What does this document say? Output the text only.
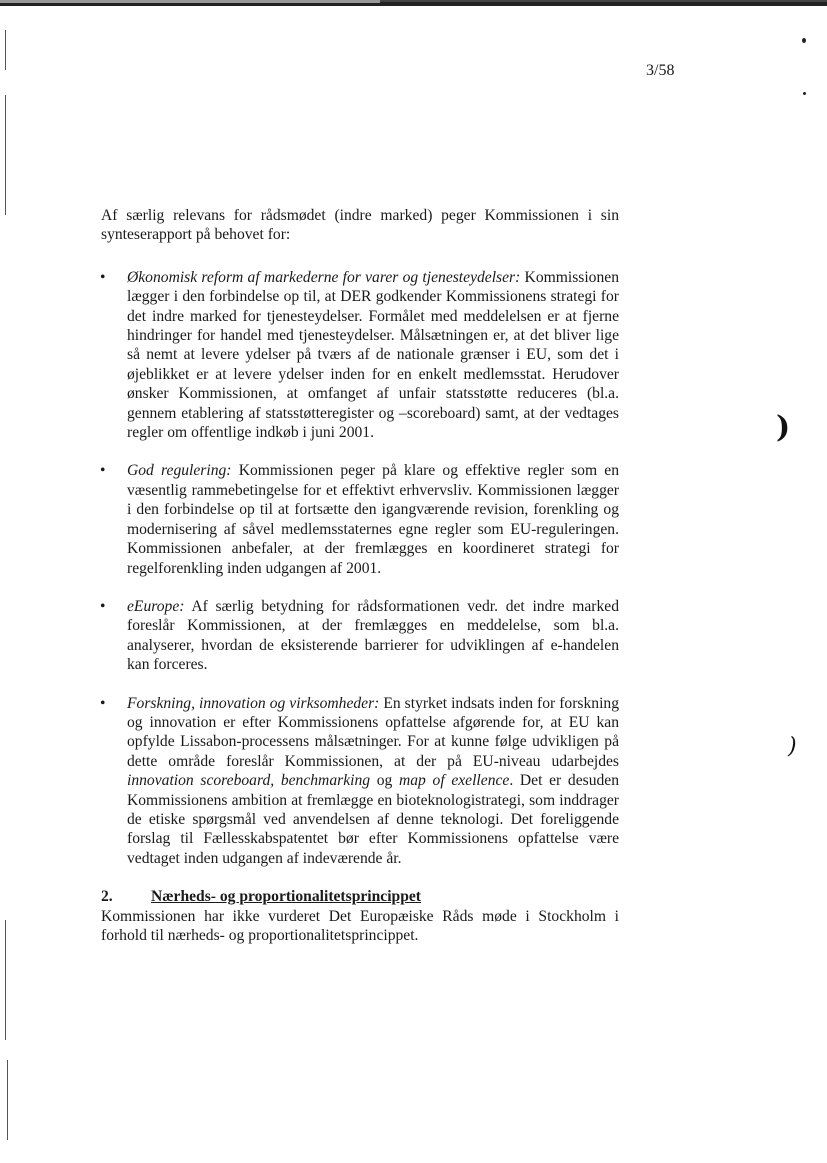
)
)
3/58

Af særlig relevans for rådsmødet (indre marked) peger Kommissionen i sin synteserapport på behovet for:

• Økonomisk reform af markederne for varer og tjenesteydelser: Kommissionen lægger i den forbindelse op til, at DER godkender Kommissionens strategi for det indre marked for tjenesteydelser. Formålet med meddelelsen er at fjerne hindringer for handel med tjenesteydelser. Målsætningen er, at det bliver lige så nemt at levere ydelser på tværs af de nationale grænser i EU, som det i øjeblikket er at levere ydelser inden for en enkelt medlemsstat. Herudover ønsker Kommissionen, at omfanget af unfair statsstøtte reduceres (bl.a. gennem etablering af statsstøtteregister og –scoreboard) samt, at der vedtages regler om offentlige indkøb i juni 2001.
• God regulering: Kommissionen peger på klare og effektive regler som en væsentlig rammebetingelse for et effektivt erhvervsliv. Kommissionen lægger i den forbindelse op til at fortsætte den igangværende revision, forenkling og modernisering af såvel medlemsstaternes egne regler som EU-reguleringen. Kommissionen anbefaler, at der fremlægges en koordineret strategi for regelforenkling inden udgangen af 2001.
• eEurope: Af særlig betydning for rådsformationen vedr. det indre marked foreslår Kommissionen, at der fremlægges en meddelelse, som bl.a. analyserer, hvordan de eksisterende barrierer for udviklingen af e-handelen kan forceres.
• Forskning, innovation og virksomheder: En styrket indsats inden for forskning og innovation er efter Kommissionens opfattelse afgørende for, at EU kan opfylde Lissabon-processens målsætninger. For at kunne følge udvikligen på dette område foreslår Kommissionen, at der på EU-niveau udarbejdes innovation scoreboard, benchmarking og map of exellence. Det er desuden Kommissionens ambition at fremlægge en bioteknologistrategi, som inddrager de etiske spørgsmål ved anvendelsen af denne teknologi. Det foreliggende forslag til Fællesskabspatentet bør efter Kommissionens opfattelse være vedtaget inden udgangen af indeværende år.
2.	Nærheds- og proportionalitetsprincippet

Kommissionen har ikke vurderet Det Europæiske Råds møde i Stockholm i forhold til nærheds- og proportionalitetsprincippet.
